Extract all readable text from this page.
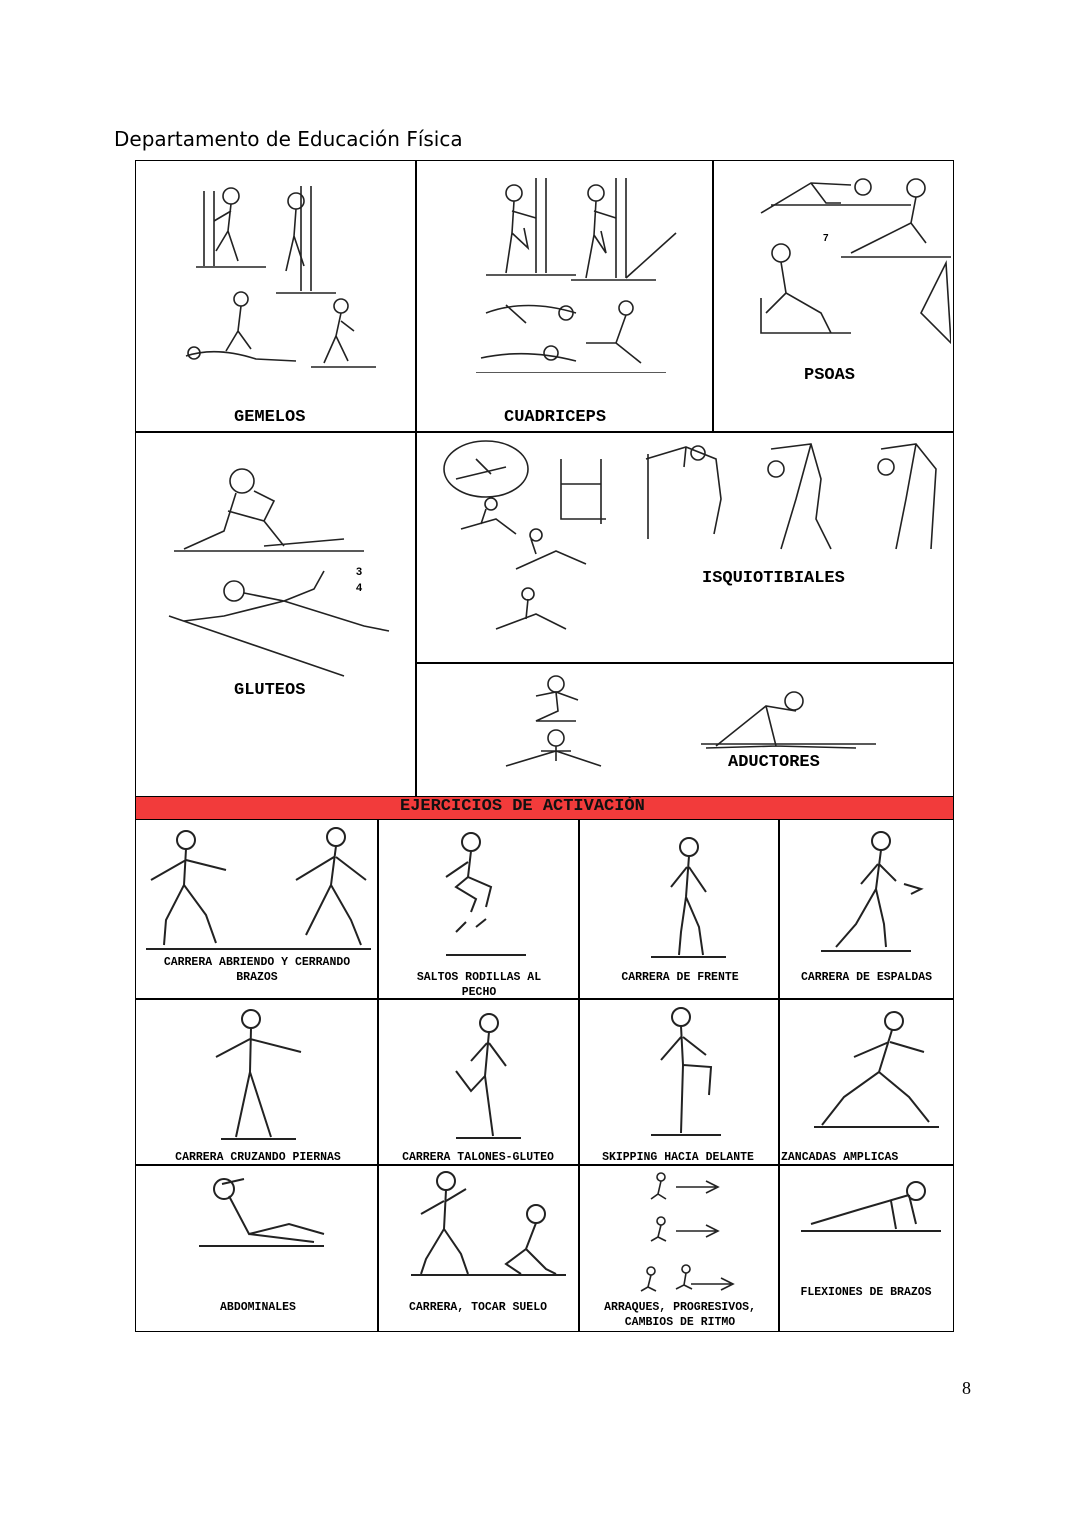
Departamento de Educación Física
GEMELOS	CUADRICEPS
7
PSOAS
3
4
GLUTEOS
ISQUIOTIBIALES
ADUCTORES
EJERCICIOS DE ACTIVACIÓN
CARRERA ABRIENDO Y CERRANDO BRAZOS	SALTOS RODILLAS AL PECHO
CARRERA DE FRENTE	CARRERA DE ESPALDAS
CARRERA CRUZANDO PIERNAS	CARRERA TALONES-GLUTEO	SKIPPING HACIA DELANTE	ZANCADAS AMPLICAS
ABDOMINALES	CARRERA, TOCAR SUELO	ARRAQUES, PROGRESIVOS, CAMBIOS DE RITMO
FLEXIONES DE BRAZOS
8
